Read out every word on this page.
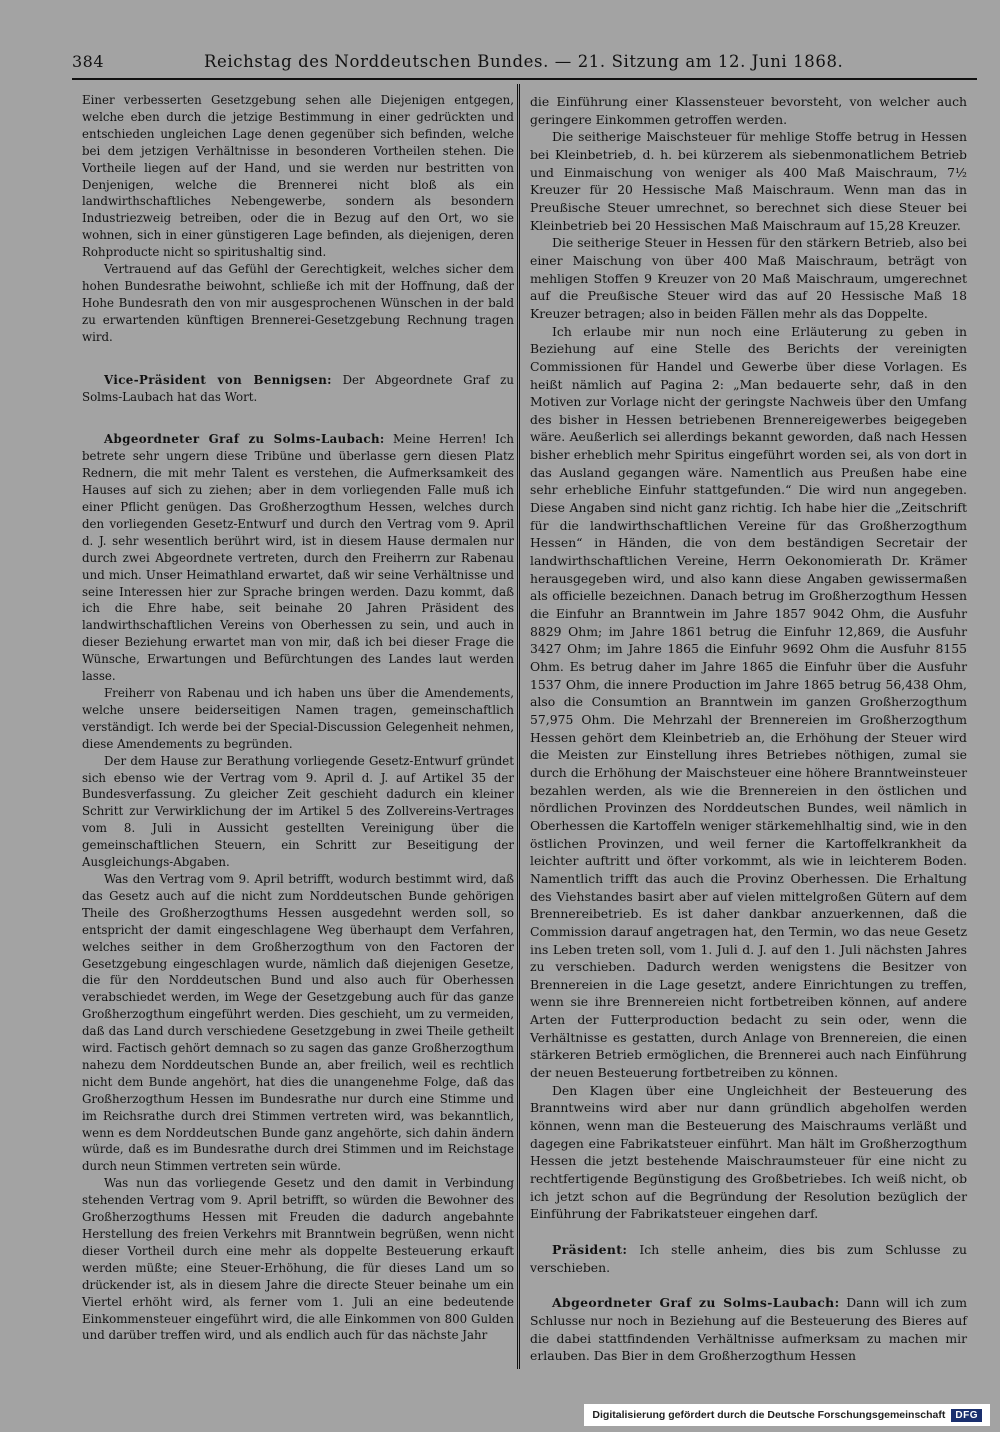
384	Reichstag des Norddeutschen Bundes. — 21. Sitzung am 12. Juni 1868.

Einer verbesserten Gesetzgebung sehen alle Diejenigen entgegen, welche eben durch die jetzige Bestimmung in einer gedrückten und entschieden ungleichen Lage denen gegenüber sich befinden, welche bei dem jetzigen Verhältnisse in besonderen Vortheilen stehen. Die Vortheile liegen auf der Hand, und sie werden nur bestritten von Denjenigen, welche die Brennerei nicht bloß als ein landwirthschaftliches Nebengewerbe, sondern als besondern Industriezweig betreiben, oder die in Bezug auf den Ort, wo sie wohnen, sich in einer günstigeren Lage befinden, als diejenigen, deren Rohproducte nicht so spiritushaltig sind.

Vertrauend auf das Gefühl der Gerechtigkeit, welches sicher dem hohen Bundesrathe beiwohnt, schließe ich mit der Hoffnung, daß der Hohe Bundesrath den von mir ausgesprochenen Wünschen in der bald zu erwartenden künftigen Brennerei-Gesetzgebung Rechnung tragen wird.

Vice-Präsident von Bennigsen: Der Abgeordnete Graf zu Solms-Laubach hat das Wort.

Abgeordneter Graf zu Solms-Laubach: Meine Herren! Ich betrete sehr ungern diese Tribüne und überlasse gern diesen Platz Rednern, die mit mehr Talent es verstehen, die Aufmerksamkeit des Hauses auf sich zu ziehen; aber in dem vorliegenden Falle muß ich einer Pflicht genügen. Das Großherzogthum Hessen, welches durch den vorliegenden Gesetz-Entwurf und durch den Vertrag vom 9. April d. J. sehr wesentlich berührt wird, ist in diesem Hause dermalen nur durch zwei Abgeordnete vertreten, durch den Freiherrn zur Rabenau und mich. Unser Heimathland erwartet, daß wir seine Verhältnisse und seine Interessen hier zur Sprache bringen werden. Dazu kommt, daß ich die Ehre habe, seit beinahe 20 Jahren Präsident des landwirthschaftlichen Vereins von Oberhessen zu sein, und auch in dieser Beziehung erwartet man von mir, daß ich bei dieser Frage die Wünsche, Erwartungen und Befürchtungen des Landes laut werden lasse.

Freiherr von Rabenau und ich haben uns über die Amendements, welche unsere beiderseitigen Namen tragen, gemeinschaftlich verständigt. Ich werde bei der Special-Discussion Gelegenheit nehmen, diese Amendements zu begründen.

Der dem Hause zur Berathung vorliegende Gesetz-Entwurf gründet sich ebenso wie der Vertrag vom 9. April d. J. auf Artikel 35 der Bundesverfassung. Zu gleicher Zeit geschieht dadurch ein kleiner Schritt zur Verwirklichung der im Artikel 5 des Zollvereins-Vertrages vom 8. Juli in Aussicht gestellten Vereinigung über die gemeinschaftlichen Steuern, ein Schritt zur Beseitigung der Ausgleichungs-Abgaben.

Was den Vertrag vom 9. April betrifft, wodurch bestimmt wird, daß das Gesetz auch auf die nicht zum Norddeutschen Bunde gehörigen Theile des Großherzogthums Hessen ausgedehnt werden soll, so entspricht der damit eingeschlagene Weg überhaupt dem Verfahren, welches seither in dem Großherzogthum von den Factoren der Gesetzgebung eingeschlagen wurde, nämlich daß diejenigen Gesetze, die für den Norddeutschen Bund und also auch für Oberhessen verabschiedet werden, im Wege der Gesetzgebung auch für das ganze Großherzogthum eingeführt werden. Dies geschieht, um zu vermeiden, daß das Land durch verschiedene Gesetzgebung in zwei Theile getheilt wird. Factisch gehört demnach so zu sagen das ganze Großherzogthum nahezu dem Norddeutschen Bunde an, aber freilich, weil es rechtlich nicht dem Bunde angehört, hat dies die unangenehme Folge, daß das Großherzogthum Hessen im Bundesrathe nur durch eine Stimme und im Reichsrathe durch drei Stimmen vertreten wird, was bekanntlich, wenn es dem Norddeutschen Bunde ganz angehörte, sich dahin ändern würde, daß es im Bundesrathe durch drei Stimmen und im Reichstage durch neun Stimmen vertreten sein würde.

Was nun das vorliegende Gesetz und den damit in Verbindung stehenden Vertrag vom 9. April betrifft, so würden die Bewohner des Großherzogthums Hessen mit Freuden die dadurch angebahnte Herstellung des freien Verkehrs mit Branntwein begrüßen, wenn nicht dieser Vortheil durch eine mehr als doppelte Besteuerung erkauft werden müßte; eine Steuer-Erhöhung, die für dieses Land um so drückender ist, als in diesem Jahre die directe Steuer beinahe um ein Viertel erhöht wird, als ferner vom 1. Juli an eine bedeutende Einkommensteuer eingeführt wird, die alle Einkommen von 800 Gulden und darüber treffen wird, und als endlich auch für das nächste Jahr

die Einführung einer Klassensteuer bevorsteht, von welcher auch geringere Einkommen getroffen werden.

Die seitherige Maischsteuer für mehlige Stoffe betrug in Hessen bei Kleinbetrieb, d. h. bei kürzerem als siebenmonatlichem Betrieb und Einmaischung von weniger als 400 Maß Maischraum, 7½ Kreuzer für 20 Hessische Maß Maischraum. Wenn man das in Preußische Steuer umrechnet, so berechnet sich diese Steuer bei Kleinbetrieb bei 20 Hessischen Maß Maischraum auf 15,28 Kreuzer.

Die seitherige Steuer in Hessen für den stärkern Betrieb, also bei einer Maischung von über 400 Maß Maischraum, beträgt von mehligen Stoffen 9 Kreuzer von 20 Maß Maischraum, umgerechnet auf die Preußische Steuer wird das auf 20 Hessische Maß 18 Kreuzer betragen; also in beiden Fällen mehr als das Doppelte.

Ich erlaube mir nun noch eine Erläuterung zu geben in Beziehung auf eine Stelle des Berichts der vereinigten Commissionen für Handel und Gewerbe über diese Vorlagen. Es heißt nämlich auf Pagina 2: „Man bedauerte sehr, daß in den Motiven zur Vorlage nicht der geringste Nachweis über den Umfang des bisher in Hessen betriebenen Brennereigewerbes beigegeben wäre. Aeußerlich sei allerdings bekannt geworden, daß nach Hessen bisher erheblich mehr Spiritus eingeführt worden sei, als von dort in das Ausland gegangen wäre. Namentlich aus Preußen habe eine sehr erhebliche Einfuhr stattgefunden.“ Die wird nun angegeben. Diese Angaben sind nicht ganz richtig. Ich habe hier die „Zeitschrift für die landwirthschaftlichen Vereine für das Großherzogthum Hessen“ in Händen, die von dem beständigen Secretair der landwirthschaftlichen Vereine, Herrn Oekonomierath Dr. Krämer herausgegeben wird, und also kann diese Angaben gewissermaßen als officielle bezeichnen. Danach betrug im Großherzogthum Hessen die Einfuhr an Branntwein im Jahre 1857 9042 Ohm, die Ausfuhr 8829 Ohm; im Jahre 1861 betrug die Einfuhr 12,869, die Ausfuhr 3427 Ohm; im Jahre 1865 die Einfuhr 9692 Ohm die Ausfuhr 8155 Ohm. Es betrug daher im Jahre 1865 die Einfuhr über die Ausfuhr 1537 Ohm, die innere Production im Jahre 1865 betrug 56,438 Ohm, also die Consumtion an Branntwein im ganzen Großherzogthum 57,975 Ohm. Die Mehrzahl der Brennereien im Großherzogthum Hessen gehört dem Kleinbetrieb an, die Erhöhung der Steuer wird die Meisten zur Einstellung ihres Betriebes nöthigen, zumal sie durch die Erhöhung der Maischsteuer eine höhere Branntweinsteuer bezahlen werden, als wie die Brennereien in den östlichen und nördlichen Provinzen des Norddeutschen Bundes, weil nämlich in Oberhessen die Kartoffeln weniger stärkemehlhaltig sind, wie in den östlichen Provinzen, und weil ferner die Kartoffelkrankheit da leichter auftritt und öfter vorkommt, als wie in leichterem Boden. Namentlich trifft das auch die Provinz Oberhessen. Die Erhaltung des Viehstandes basirt aber auf vielen mittelgroßen Gütern auf dem Brennereibetrieb. Es ist daher dankbar anzuerkennen, daß die Commission darauf angetragen hat, den Termin, wo das neue Gesetz ins Leben treten soll, vom 1. Juli d. J. auf den 1. Juli nächsten Jahres zu verschieben. Dadurch werden wenigstens die Besitzer von Brennereien in die Lage gesetzt, andere Einrichtungen zu treffen, wenn sie ihre Brennereien nicht fortbetreiben können, auf andere Arten der Futterproduction bedacht zu sein oder, wenn die Verhältnisse es gestatten, durch Anlage von Brennereien, die einen stärkeren Betrieb ermöglichen, die Brennerei auch nach Einführung der neuen Besteuerung fortbetreiben zu können.

Den Klagen über eine Ungleichheit der Besteuerung des Branntweins wird aber nur dann gründlich abgeholfen werden können, wenn man die Besteuerung des Maischraums verläßt und dagegen eine Fabrikatsteuer einführt. Man hält im Großherzogthum Hessen die jetzt bestehende Maischraumsteuer für eine nicht zu rechtfertigende Begünstigung des Großbetriebes. Ich weiß nicht, ob ich jetzt schon auf die Begründung der Resolution bezüglich der Einführung der Fabrikatsteuer eingehen darf.

Präsident: Ich stelle anheim, dies bis zum Schlusse zu verschieben.

Abgeordneter Graf zu Solms-Laubach: Dann will ich zum Schlusse nur noch in Beziehung auf die Besteuerung des Bieres auf die dabei stattfindenden Verhältnisse aufmerksam zu machen mir erlauben. Das Bier in dem Großherzogthum Hessen

Digitalisierung gefördert durch die Deutsche Forschungsgemeinschaft	DFG
